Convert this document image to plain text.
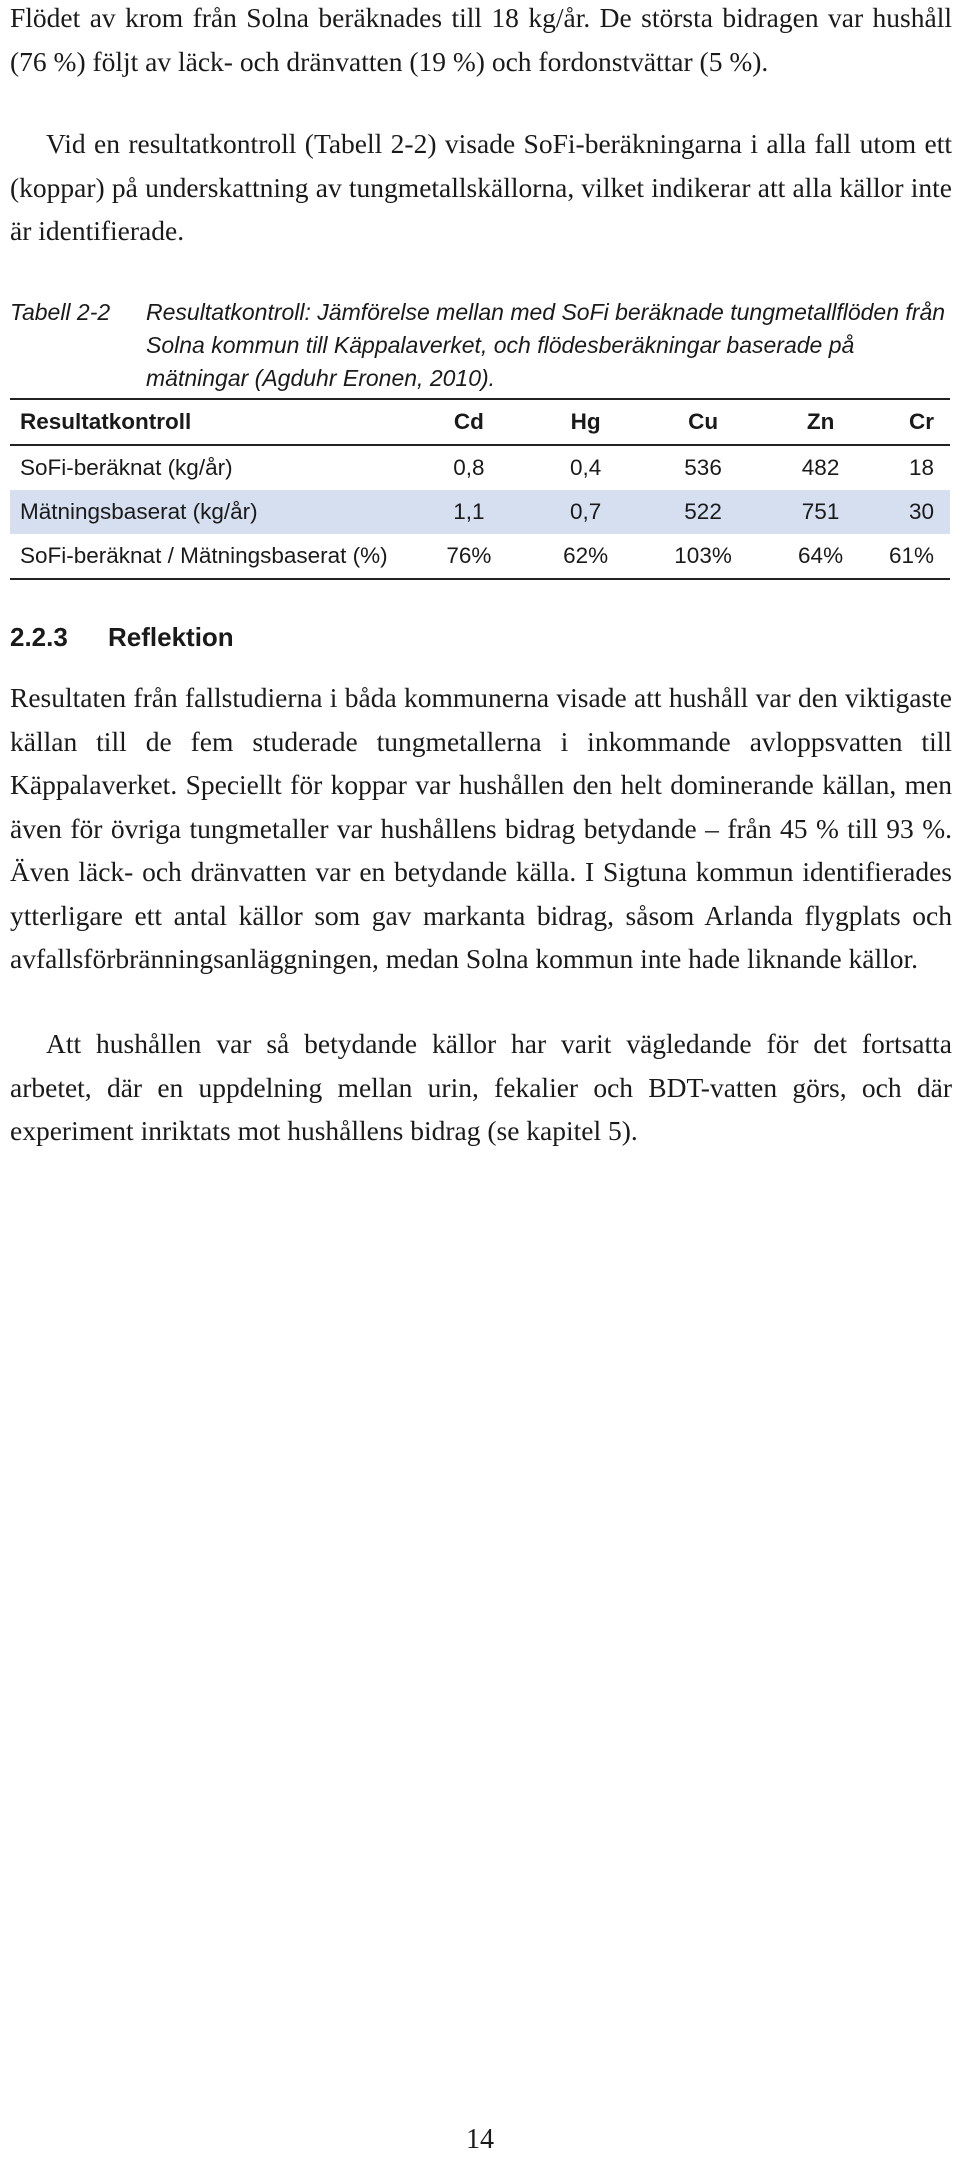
Flödet av krom från Solna beräknades till 18 kg/år. De största bidragen var hushåll (76 %) följt av läck- och dränvatten (19 %) och fordonstvättar (5 %).

Vid en resultatkontroll (Tabell 2-2) visade SoFi-beräkningarna i alla fall utom ett (koppar) på underskattning av tungmetallskällorna, vilket indikerar att alla källor inte är identifierade.

Tabell 2-2	Resultatkontroll: Jämförelse mellan med SoFi beräknade tungmetallflöden från Solna kommun till Käppalaverket, och flödesberäkningar baserade på mätningar (Agduhr Eronen, 2010).
Resultatkontroll	Cd	Hg	Cu	Zn	Cr
SoFi-beräknat (kg/år)	0,8	0,4	536	482	18
Mätningsbaserat (kg/år)	1,1	0,7	522	751	30
SoFi-beräknat / Mätningsbaserat (%)	76%	62%	103%	64%	61%
2.2.3 Reflektion

Resultaten från fallstudierna i båda kommunerna visade att hushåll var den viktigaste källan till de fem studerade tungmetallerna i inkommande avloppsvatten till Käppalaverket. Speciellt för koppar var hushållen den helt dominerande källan, men även för övriga tungmetaller var hushållens bidrag betydande – från 45 % till 93 %. Även läck- och dränvatten var en betydande källa. I Sigtuna kommun identifierades ytterligare ett antal källor som gav markanta bidrag, såsom Arlanda flygplats och avfallsförbränningsanläggningen, medan Solna kommun inte hade liknande källor.

Att hushållen var så betydande källor har varit vägledande för det fortsatta arbetet, där en uppdelning mellan urin, fekalier och BDT-vatten görs, och där experiment inriktats mot hushållens bidrag (se kapitel 5).

14
